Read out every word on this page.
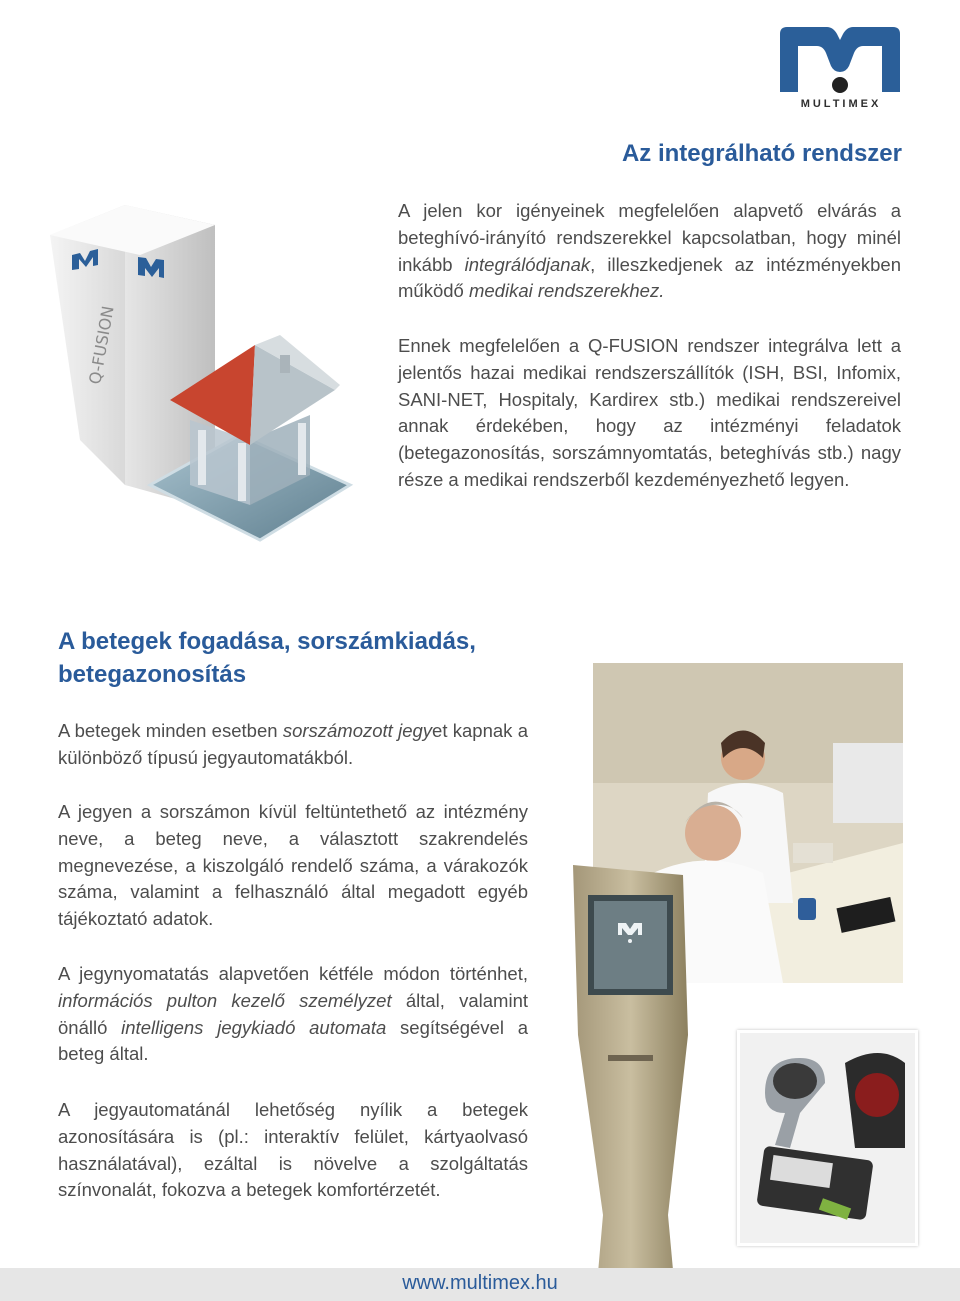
MULTIMEX
Az integrálható rendszer
A jelen kor igényeinek megfelelően alapvető elvárás a beteghívó-irányító rendszerekkel kapcsolatban, hogy minél inkább integrálódjanak, illeszkedjenek az intézményekben működő medikai rendszerekhez.
Ennek megfelelően a Q-FUSION rendszer integrálva lett a jelentős hazai medikai rendszerszállítók (ISH, BSI, Infomix, SANI-NET, Hospitaly, Kardirex stb.) medikai rendszereivel annak érdekében, hogy az intézményi feladatok (betegazonosítás, sorszámnyomtatás, beteghívás stb.) nagy része a medikai rendszerből kezdeményezhető legyen.
Q-FUSION
A betegek fogadása, sorszámkiadás, betegazonosítás
A betegek minden esetben sorszámozott jegyet kapnak a különböző típusú jegyautomatákból.
A jegyen a sorszámon kívül feltüntethető az intézmény neve, a beteg neve, a választott szakrendelés megnevezése, a kiszolgáló rendelő száma, a várakozók száma, valamint a felhasználó által megadott egyéb tájékoztató adatok.
A jegynyomatatás alapvetően kétféle módon történhet, információs pulton kezelő személyzet által, valamint önálló intelligens jegykiadó automata segítségével a beteg által.
A jegyautomatánál lehetőség nyílik a betegek azonosítására is (pl.: interaktív felület, kártyaolvasó használatával), ezáltal is növelve a szolgáltatás színvonalát, fokozva a betegek komfortérzetét.
www.multimex.hu
